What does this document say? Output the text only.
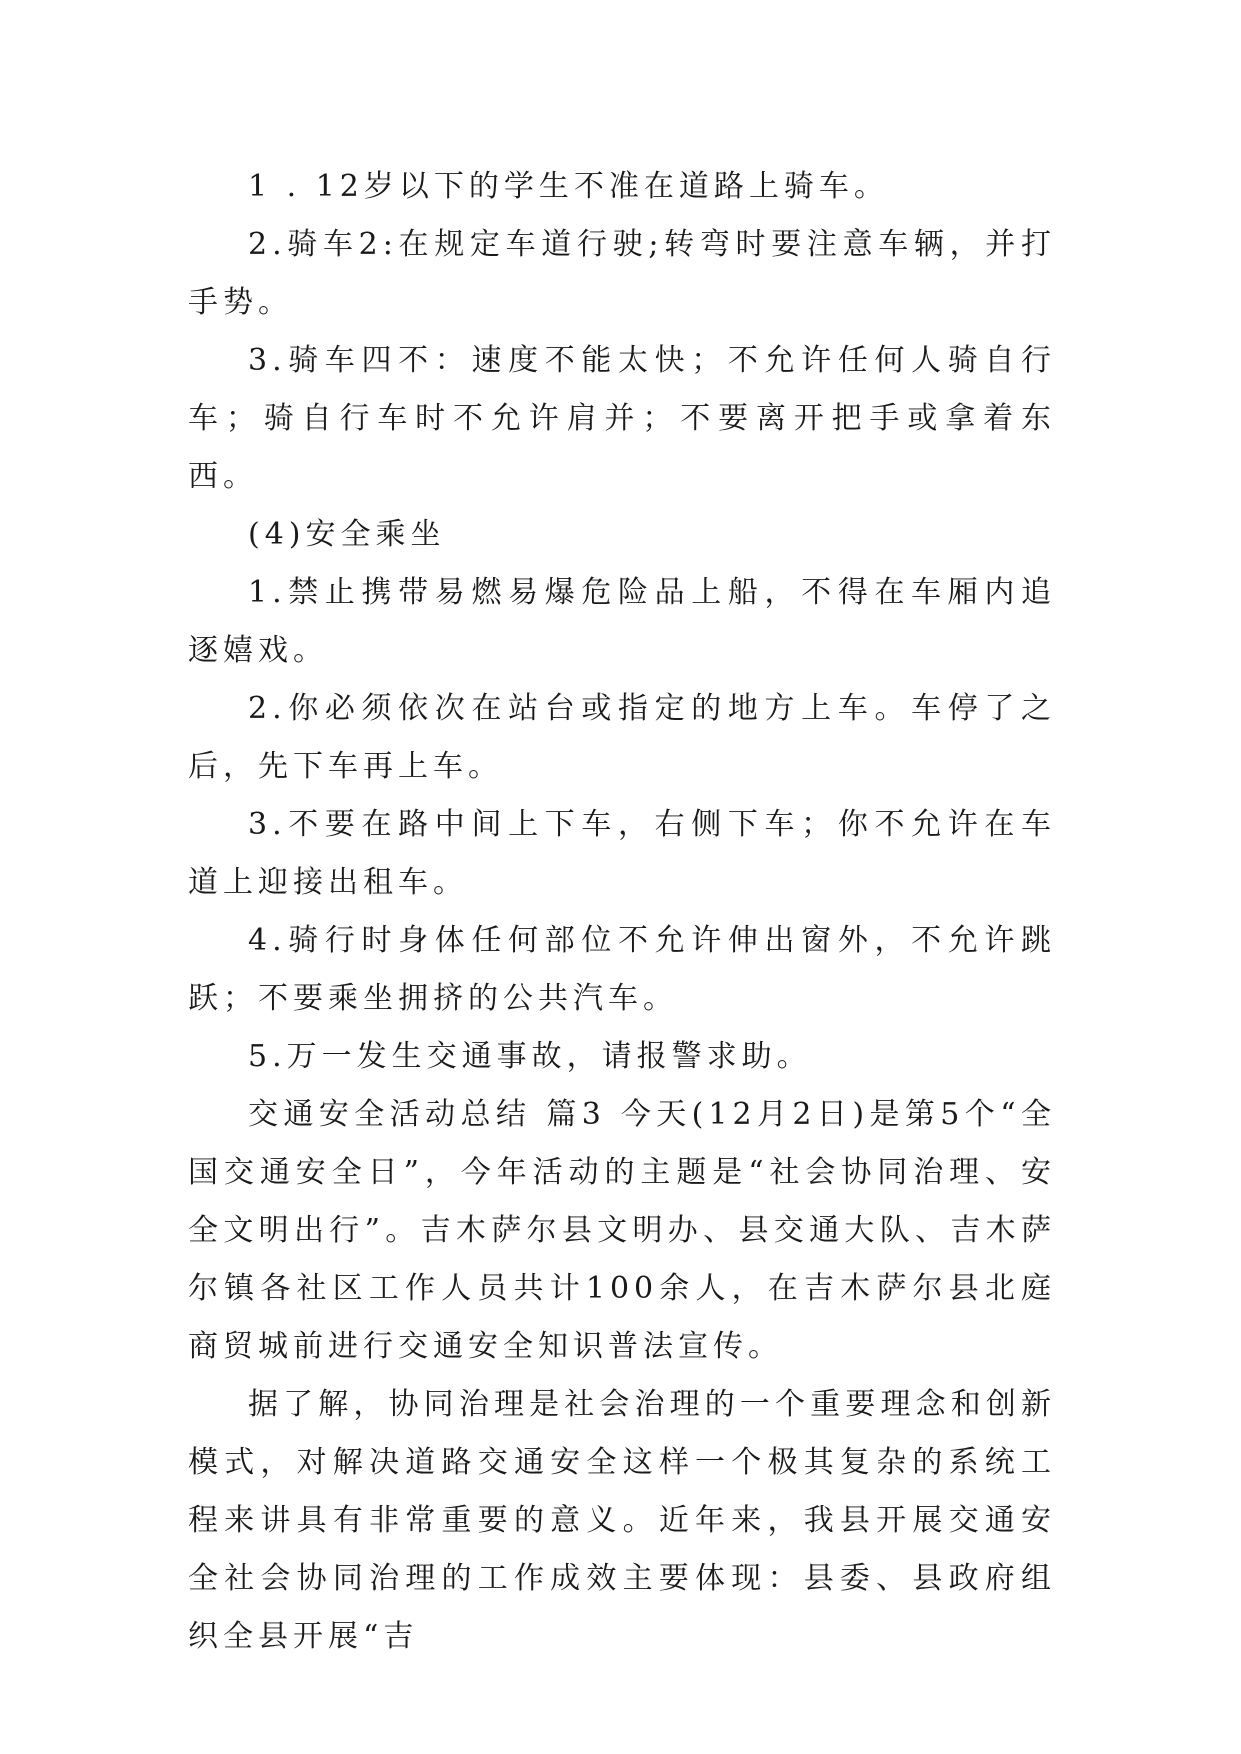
1 . 12岁以下的学生不准在道路上骑车。

2.骑车2:在规定车道行驶;转弯时要注意车辆，并打手势。

3.骑车四不：速度不能太快；不允许任何人骑自行车；骑自行车时不允许肩并；不要离开把手或拿着东西。

(4)安全乘坐

1.禁止携带易燃易爆危险品上船，不得在车厢内追逐嬉戏。

2.你必须依次在站台或指定的地方上车。车停了之后，先下车再上车。

3.不要在路中间上下车，右侧下车；你不允许在车道上迎接出租车。

4.骑行时身体任何部位不允许伸出窗外，不允许跳跃；不要乘坐拥挤的公共汽车。

5.万一发生交通事故，请报警求助。

交通安全活动总结 篇3 今天(12月2日)是第5个“全国交通安全日”，今年活动的主题是“社会协同治理、安全文明出行”。吉木萨尔县文明办、县交通大队、吉木萨尔镇各社区工作人员共计100余人，在吉木萨尔县北庭商贸城前进行交通安全知识普法宣传。

据了解，协同治理是社会治理的一个重要理念和创新模式，对解决道路交通安全这样一个极其复杂的系统工程来讲具有非常重要的意义。近年来，我县开展交通安全社会协同治理的工作成效主要体现：县委、县政府组织全县开展“吉
